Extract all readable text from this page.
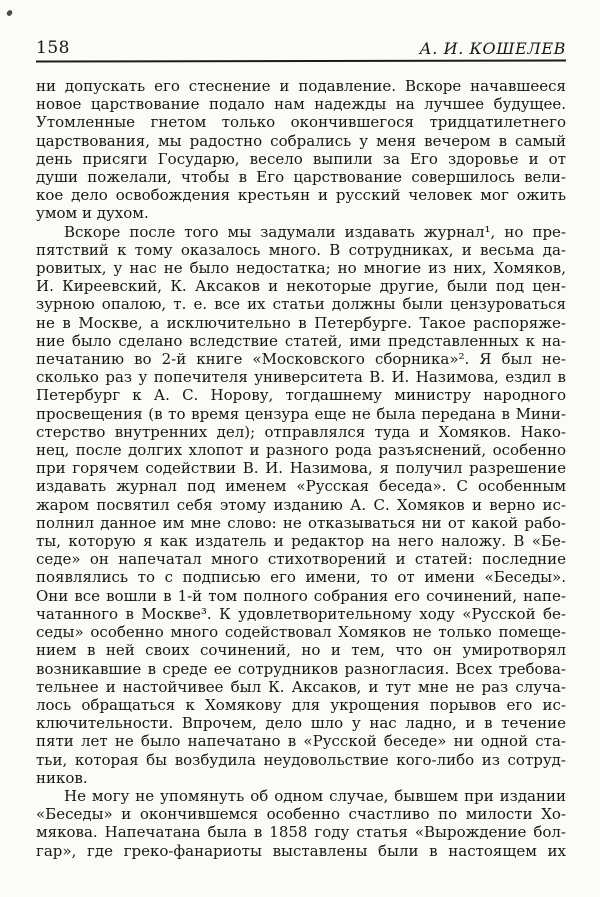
158	А. И. КОШЕЛЕВ

ни допускать его стеснение и подавление. Вскоре начавшееся
новое царствование подало нам надежды на лучшее будущее.
Утомленные гнетом только окончившегося тридцатилетнего
царствования, мы радостно собрались у меня вечером в самый
день присяги Государю, весело выпили за Его здоровье и от
души пожелали, чтобы в Его царствование совершилось вели-
кое дело освобождения крестьян и русский человек мог ожить
умом и духом.

Вскоре после того мы задумали издавать журнал¹, но пре-
пятствий к тому оказалось много. В сотрудниках, и весьма да-
ровитых, у нас не было недостатка; но многие из них, Хомяков,
И. Киреевский, К. Аксаков и некоторые другие, были под цен-
зурною опалою, т. е. все их статьи должны были цензуроваться
не в Москве, а исключительно в Петербурге. Такое распоряже-
ние было сделано вследствие статей, ими представленных к на-
печатанию во 2-й книге «Московского сборника»². Я был не-
сколько раз у попечителя университета В. И. Назимова, ездил в
Петербург к А. С. Норову, тогдашнему министру народного
просвещения (в то время цензура еще не была передана в Мини-
стерство внутренних дел); отправлялся туда и Хомяков. Нако-
нец, после долгих хлопот и разного рода разъяснений, особенно
при горячем содействии В. И. Назимова, я получил разрешение
издавать журнал под именем «Русская беседа». С особенным
жаром посвятил себя этому изданию А. С. Хомяков и верно ис-
полнил данное им мне слово: не отказываться ни от какой рабо-
ты, которую я как издатель и редактор на него наложу. В «Бе-
седе» он напечатал много стихотворений и статей: последние
появлялись то с подписью его имени, то от имени «Беседы».
Они все вошли в 1-й том полного собрания его сочинений, напе-
чатанного в Москве³. К удовлетворительному ходу «Русской бе-
седы» особенно много содействовал Хомяков не только помеще-
нием в ней своих сочинений, но и тем, что он умиротворял
возникавшие в среде ее сотрудников разногласия. Всех требова-
тельнее и настойчивее был К. Аксаков, и тут мне не раз случа-
лось обращаться к Хомякову для укрощения порывов его ис-
ключительности. Впрочем, дело шло у нас ладно, и в течение
пяти лет не было напечатано в «Русской беседе» ни одной ста-
тьи, которая бы возбудила неудовольствие кого-либо из сотруд-
ников.

Не могу не упомянуть об одном случае, бывшем при издании
«Беседы» и окончившемся особенно счастливо по милости Хо-
мякова. Напечатана была в 1858 году статья «Вырождение бол-
гар», где греко-фанариоты выставлены были в настоящем их
